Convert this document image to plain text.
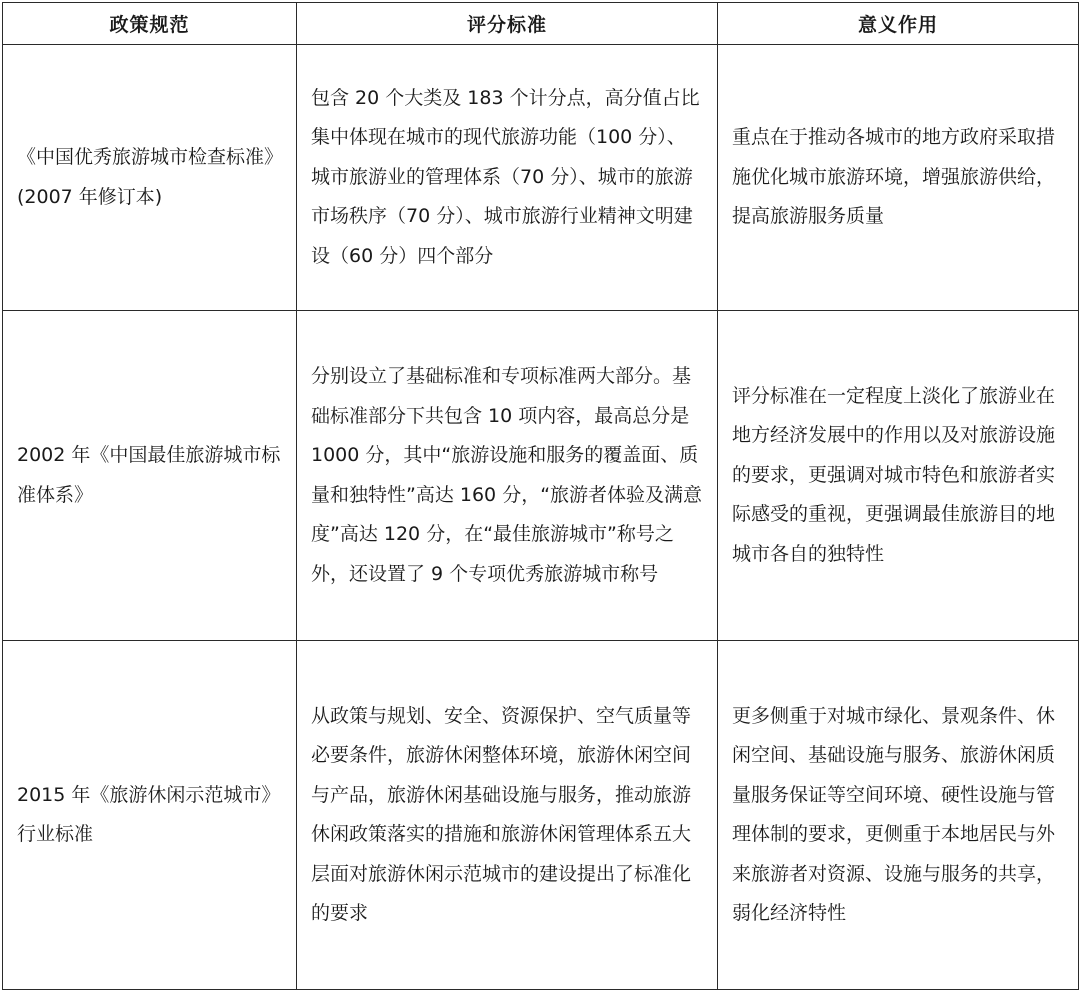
政策规范	评分标准	意义作用
《中国优秀旅游城市检查标准》(2007 年修订本)	包含 20 个大类及 183 个计分点，高分值占比集中体现在城市的现代旅游功能（100 分）、城市旅游业的管理体系（70 分）、城市的旅游市场秩序（70 分）、城市旅游行业精神文明建设（60 分）四个部分	重点在于推动各城市的地方政府采取措施优化城市旅游环境，增强旅游供给，提高旅游服务质量
2002 年《中国最佳旅游城市标准体系》	分别设立了基础标准和专项标准两大部分。基础标准部分下共包含 10 项内容，最高总分是 1000 分，其中“旅游设施和服务的覆盖面、质量和独特性”高达 160 分，“旅游者体验及满意度”高达 120 分，在“最佳旅游城市”称号之外，还设置了 9 个专项优秀旅游城市称号	评分标准在一定程度上淡化了旅游业在地方经济发展中的作用以及对旅游设施的要求，更强调对城市特色和旅游者实际感受的重视，更强调最佳旅游目的地城市各自的独特性
2015 年《旅游休闲示范城市》行业标准	从政策与规划、安全、资源保护、空气质量等必要条件，旅游休闲整体环境，旅游休闲空间与产品，旅游休闲基础设施与服务，推动旅游休闲政策落实的措施和旅游休闲管理体系五大层面对旅游休闲示范城市的建设提出了标准化的要求	更多侧重于对城市绿化、景观条件、休闲空间、基础设施与服务、旅游休闲质量服务保证等空间环境、硬性设施与管理体制的要求，更侧重于本地居民与外来旅游者对资源、设施与服务的共享，弱化经济特性
